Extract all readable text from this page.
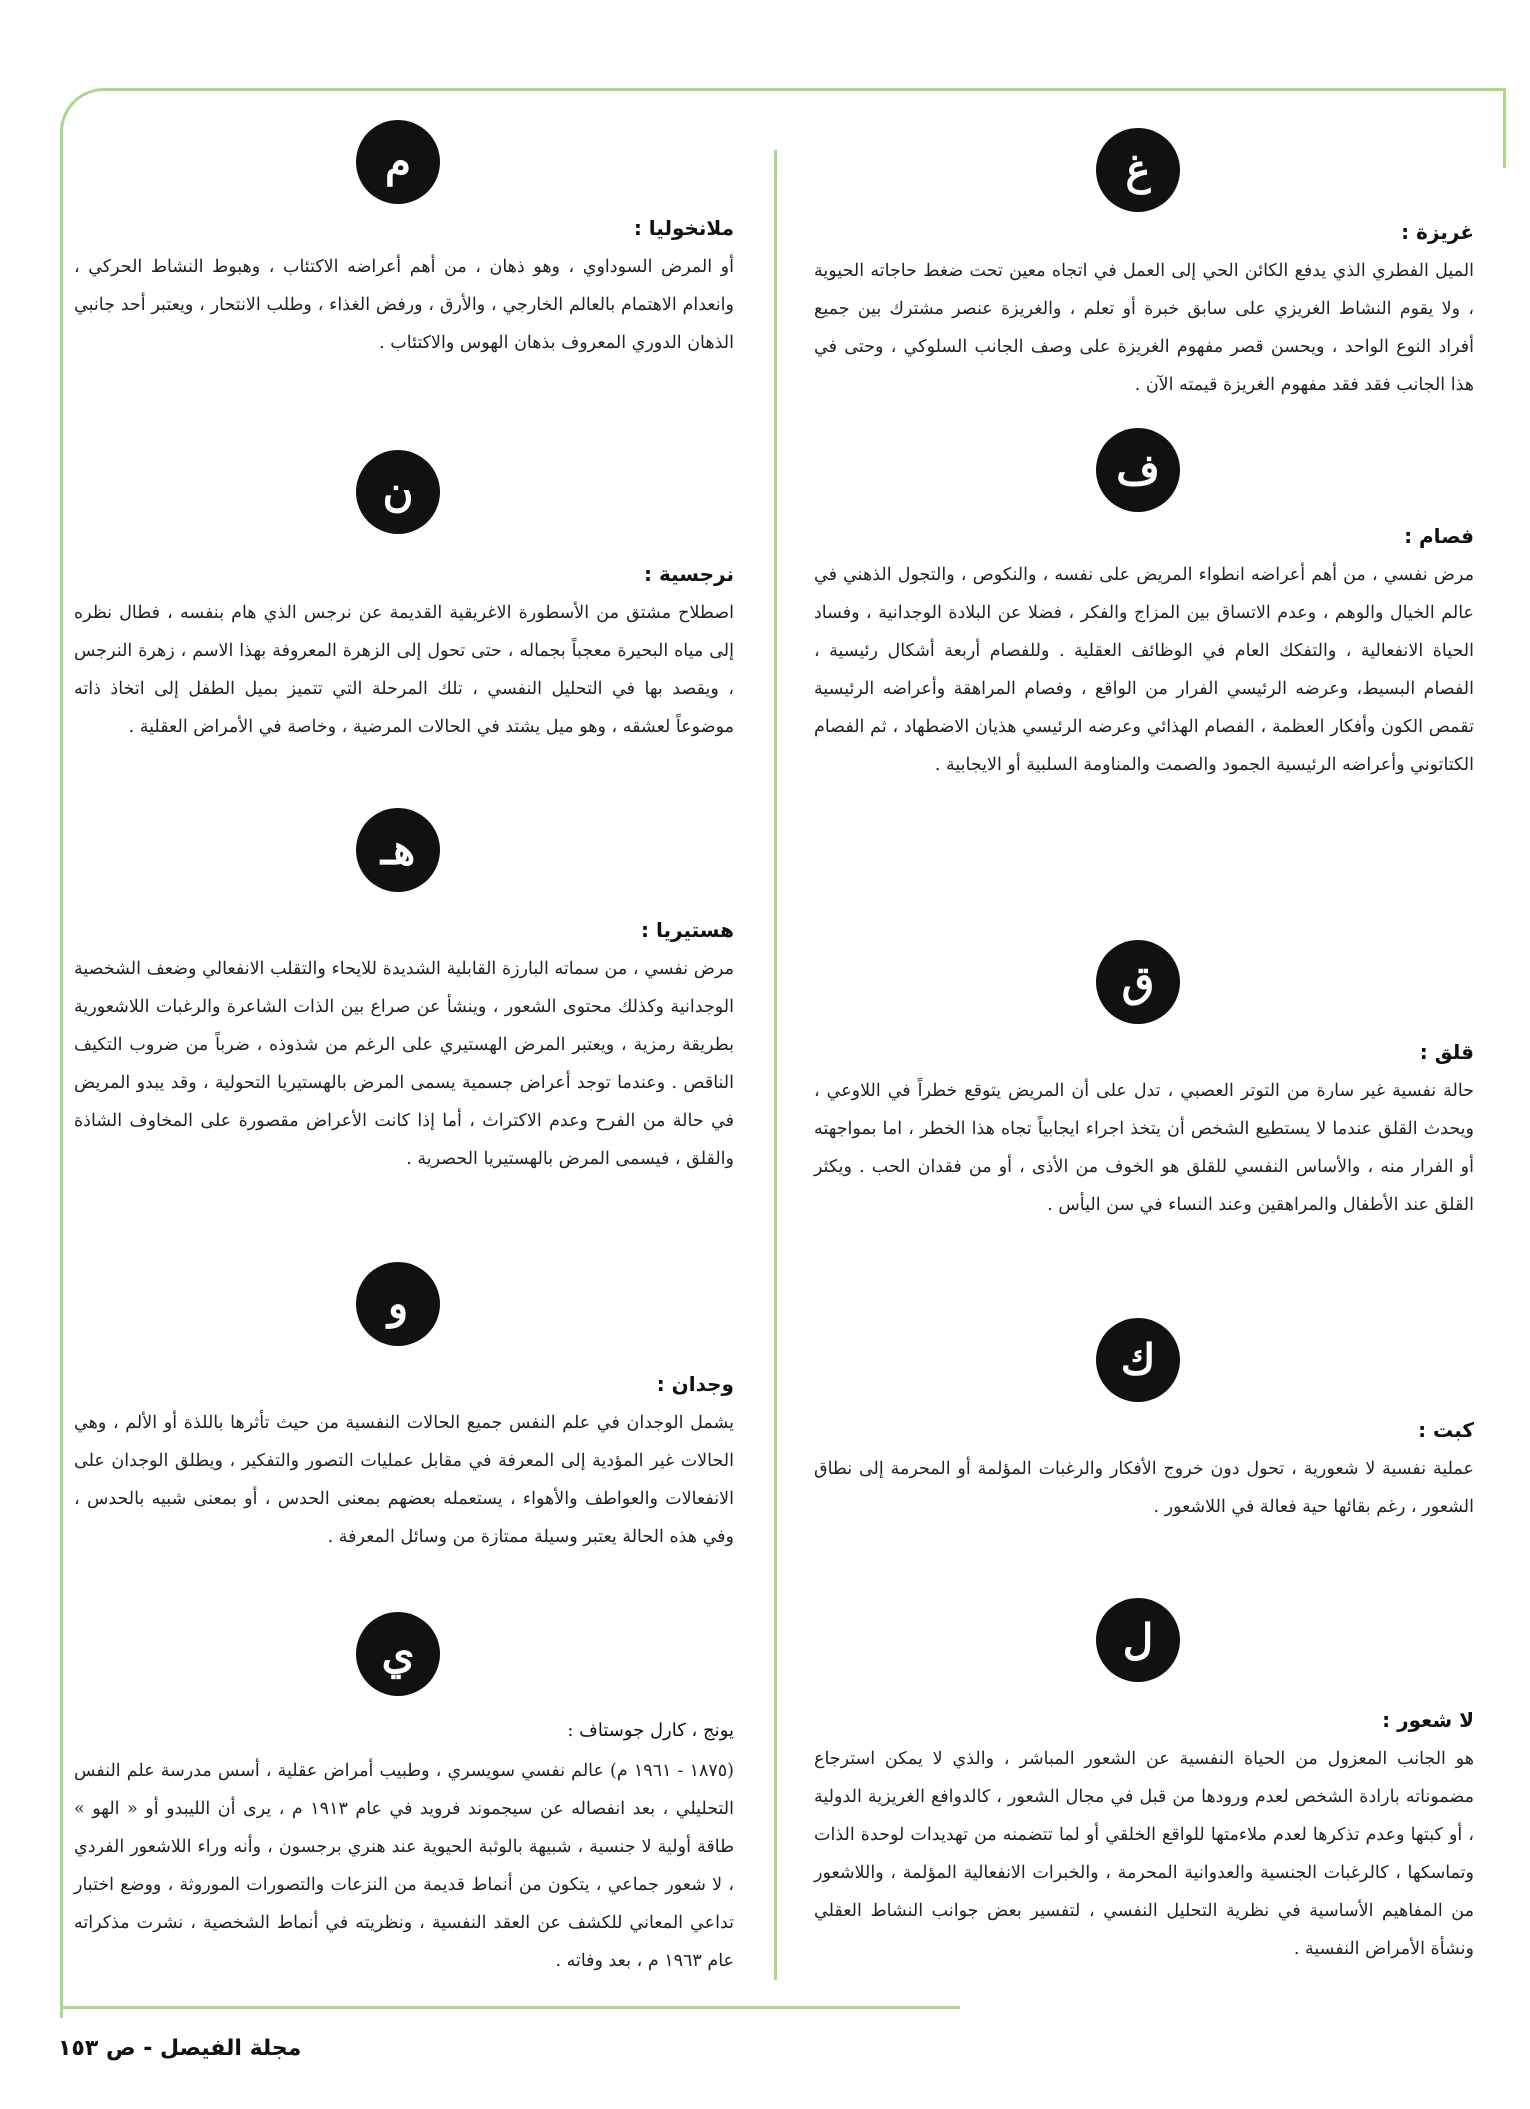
غ
غريزة :
الميل الفطري الذي يدفع الكائن الحي إلى العمل في اتجاه معين تحت ضغط حاجاته الحيوية ، ولا يقوم النشاط الغريزي على سابق خبرة أو تعلم ، والغريزة عنصر مشترك بين جميع أفراد النوع الواحد ، ويحسن قصر مفهوم الغريزة على وصف الجانب السلوكي ، وحتى في هذا الجانب فقد فقد مفهوم الغريزة قيمته الآن .
ف
فصام :
مرض نفسي ، من أهم أعراضه انطواء المريض على نفسه ، والنكوص ، والتجول الذهني في عالم الخيال والوهم ، وعدم الاتساق بين المزاج والفكر ، فضلا عن البلادة الوجدانية ، وفساد الحياة الانفعالية ، والتفكك العام في الوظائف العقلية . وللفصام أربعة أشكال رئيسية ، الفصام البسيط، وعرضه الرئيسي الفرار من الواقع ، وفصام المراهقة وأعراضه الرئيسية تقمص الكون وأفكار العظمة ، الفصام الهذائي وعرضه الرئيسي هذيان الاضطهاد ، ثم الفصام الكتاتوني وأعراضه الرئيسية الجمود والصمت والمناومة السلبية أو الايجابية .
ق
قلق :
حالة نفسية غير سارة من التوتر العصبي ، تدل على أن المريض يتوقع خطراً في اللاوعي ، ويحدث القلق عندما لا يستطيع الشخص أن يتخذ اجراء ايجابياً تجاه هذا الخطر ، اما بمواجهته أو الفرار منه ، والأساس النفسي للقلق هو الخوف من الأذى ، أو من فقدان الحب . ويكثر القلق عند الأطفال والمراهقين وعند النساء في سن اليأس .
ك
كبت :
عملية نفسية لا شعورية ، تحول دون خروج الأفكار والرغبات المؤلمة أو المحرمة إلى نطاق الشعور ، رغم بقائها حية فعالة في اللاشعور .
ل
لا شعور :
هو الجانب المعزول من الحياة النفسية عن الشعور المباشر ، والذي لا يمكن استرجاع مضموناته بارادة الشخص لعدم ورودها من قبل في مجال الشعور ، كالدوافع الغريزية الدولية ، أو كبتها وعدم تذكرها لعدم ملاءمتها للواقع الخلقي أو لما تتضمنه من تهديدات لوحدة الذات وتماسكها ، كالرغبات الجنسية والعدوانية المحرمة ، والخبرات الانفعالية المؤلمة ، واللاشعور من المفاهيم الأساسية في نظرية التحليل النفسي ، لتفسير بعض جوانب النشاط العقلي ونشأة الأمراض النفسية .
م
ملانخوليا :
أو المرض السوداوي ، وهو ذهان ، من أهم أعراضه الاكتئاب ، وهبوط النشاط الحركي ، وانعدام الاهتمام بالعالم الخارجي ، والأرق ، ورفض الغذاء ، وطلب الانتحار ، ويعتبر أحد جانبي الذهان الدوري المعروف بذهان الهوس والاكتئاب .
ن
نرجسية :
اصطلاح مشتق من الأسطورة الاغريقية القديمة عن نرجس الذي هام بنفسه ، فطال نظره إلى مياه البحيرة معجباً بجماله ، حتى تحول إلى الزهرة المعروفة بهذا الاسم ، زهرة النرجس ، ويقصد بها في التحليل النفسي ، تلك المرحلة التي تتميز بميل الطفل إلى اتخاذ ذاته موضوعاً لعشقه ، وهو ميل يشتد في الحالات المرضية ، وخاصة في الأمراض العقلية .
هـ
هستيريا :
مرض نفسي ، من سماته البارزة القابلية الشديدة للايحاء والتقلب الانفعالي وضعف الشخصية الوجدانية وكذلك محتوى الشعور ، وينشأ عن صراع بين الذات الشاعرة والرغبات اللاشعورية بطريقة رمزية ، ويعتبر المرض الهستيري على الرغم من شذوذه ، ضرباً من ضروب التكيف الناقص . وعندما توجد أعراض جسمية يسمى المرض بالهستيريا التحولية ، وقد يبدو المريض في حالة من الفرح وعدم الاكتراث ، أما إذا كانت الأعراض مقصورة على المخاوف الشاذة والقلق ، فيسمى المرض بالهستيريا الحصرية .
و
وجدان :
يشمل الوجدان في علم النفس جميع الحالات النفسية من حيث تأثرها باللذة أو الألم ، وهي الحالات غير المؤدية إلى المعرفة في مقابل عمليات التصور والتفكير ، ويطلق الوجدان على الانفعالات والعواطف والأهواء ، يستعمله بعضهم بمعنى الحدس ، أو بمعنى شبيه بالحدس ، وفي هذه الحالة يعتبر وسيلة ممتازة من وسائل المعرفة .
ي
يونج ، كارل جوستاف :
(١٨٧٥ - ١٩٦١ م) عالم نفسي سويسري ، وطبيب أمراض عقلية ، أسس مدرسة علم النفس التحليلي ، بعد انفصاله عن سيجموند فرويد في عام ١٩١٣ م ، يرى أن الليبدو أو « الهو » طاقة أولية لا جنسية ، شبيهة بالوثبة الحيوية عند هنري برجسون ، وأنه وراء اللاشعور الفردي ، لا شعور جماعي ، يتكون من أنماط قديمة من النزعات والتصورات الموروثة ، ووضع اختبار تداعي المعاني للكشف عن العقد النفسية ، ونظريته في أنماط الشخصية ، نشرت مذكراته عام ١٩٦٣ م ، بعد وفاته .
مجلة الفيصل - ص ١٥٣
